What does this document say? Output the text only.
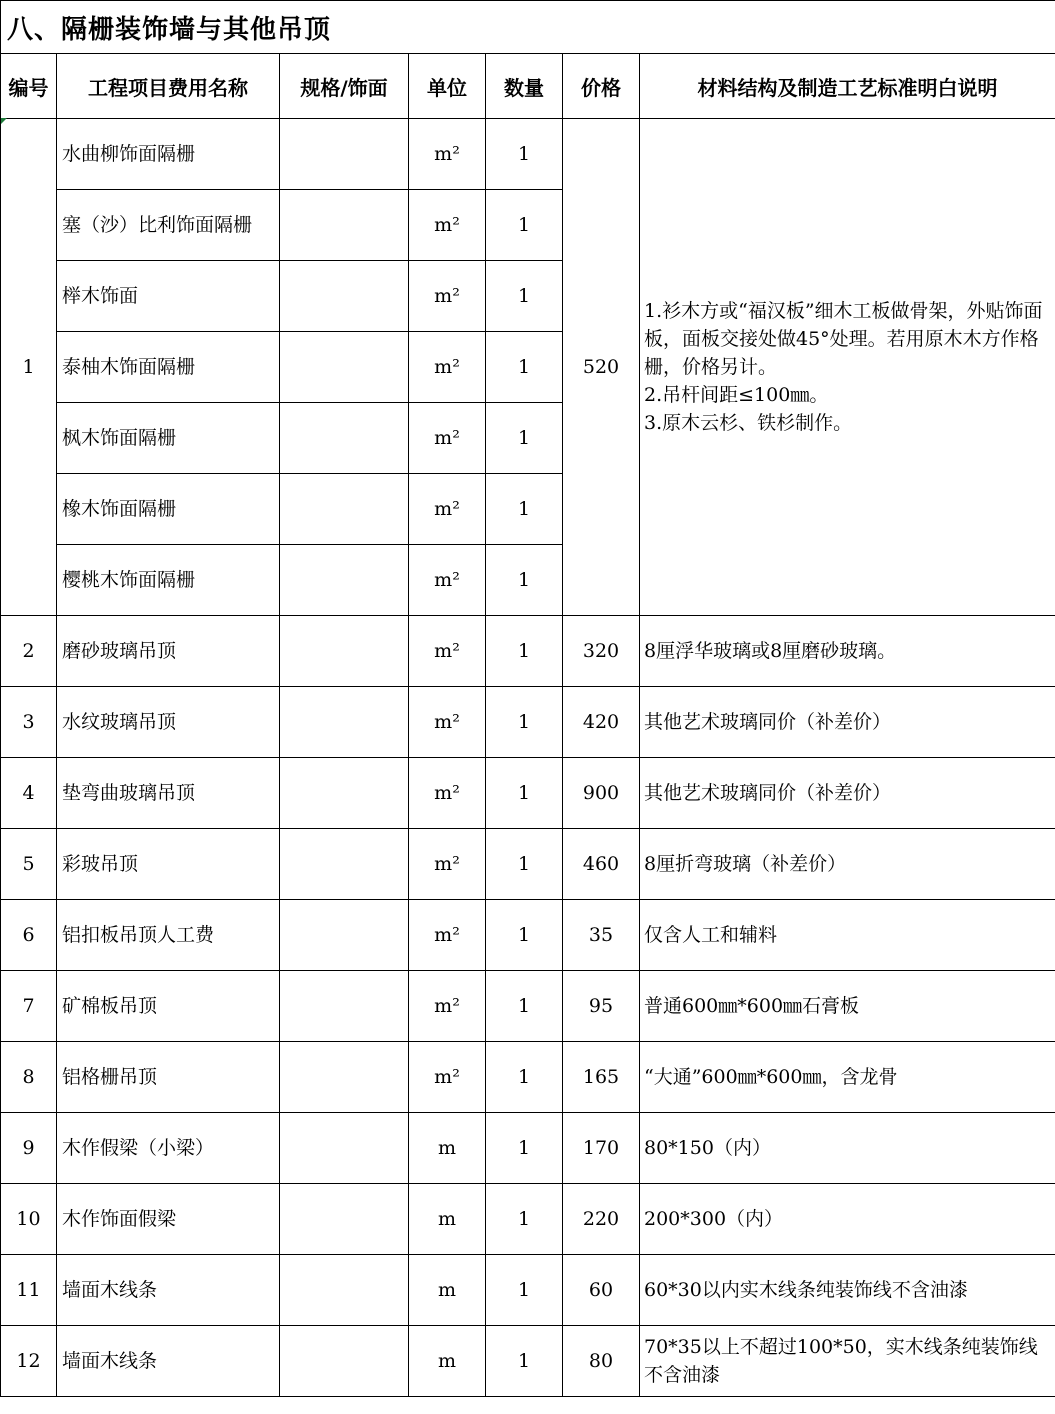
八、隔栅装饰墙与其他吊顶						
编号	工程项目费用名称	规格/饰面	单位	数量	价格	材料结构及制造工艺标准明白说明
1	水曲柳饰面隔栅		m²	1	520	1.衫木方或“福汉板”细木工板做骨架，外贴饰面板，面板交接处做45°处理。若用原木木方作格栅，价格另计。
2.吊杆间距≤100㎜。
3.原木云杉、铁杉制作。
	塞（沙）比利饰面隔栅		m²	1		
	榉木饰面		m²	1		
	泰柚木饰面隔栅		m²	1		
	枫木饰面隔栅		m²	1		
	橡木饰面隔栅		m²	1		
	樱桃木饰面隔栅		m²	1		
2	磨砂玻璃吊顶		m²	1	320	8厘浮华玻璃或8厘磨砂玻璃。
3	水纹玻璃吊顶		m²	1	420	其他艺术玻璃同价（补差价）
4	垫弯曲玻璃吊顶		m²	1	900	其他艺术玻璃同价（补差价）
5	彩玻吊顶		m²	1	460	8厘折弯玻璃（补差价）
6	铝扣板吊顶人工费		m²	1	35	仅含人工和辅料
7	矿棉板吊顶		m²	1	95	普通600㎜*600㎜石膏板
8	铝格栅吊顶		m²	1	165	“大通”600㎜*600㎜，含龙骨
9	木作假梁（小梁）		m	1	170	80*150（内）
10	木作饰面假梁		m	1	220	200*300（内）
11	墙面木线条		m	1	60	60*30以内实木线条纯装饰线不含油漆
12	墙面木线条		m	1	80	70*35以上不超过100*50，实木线条纯装饰线不含油漆
